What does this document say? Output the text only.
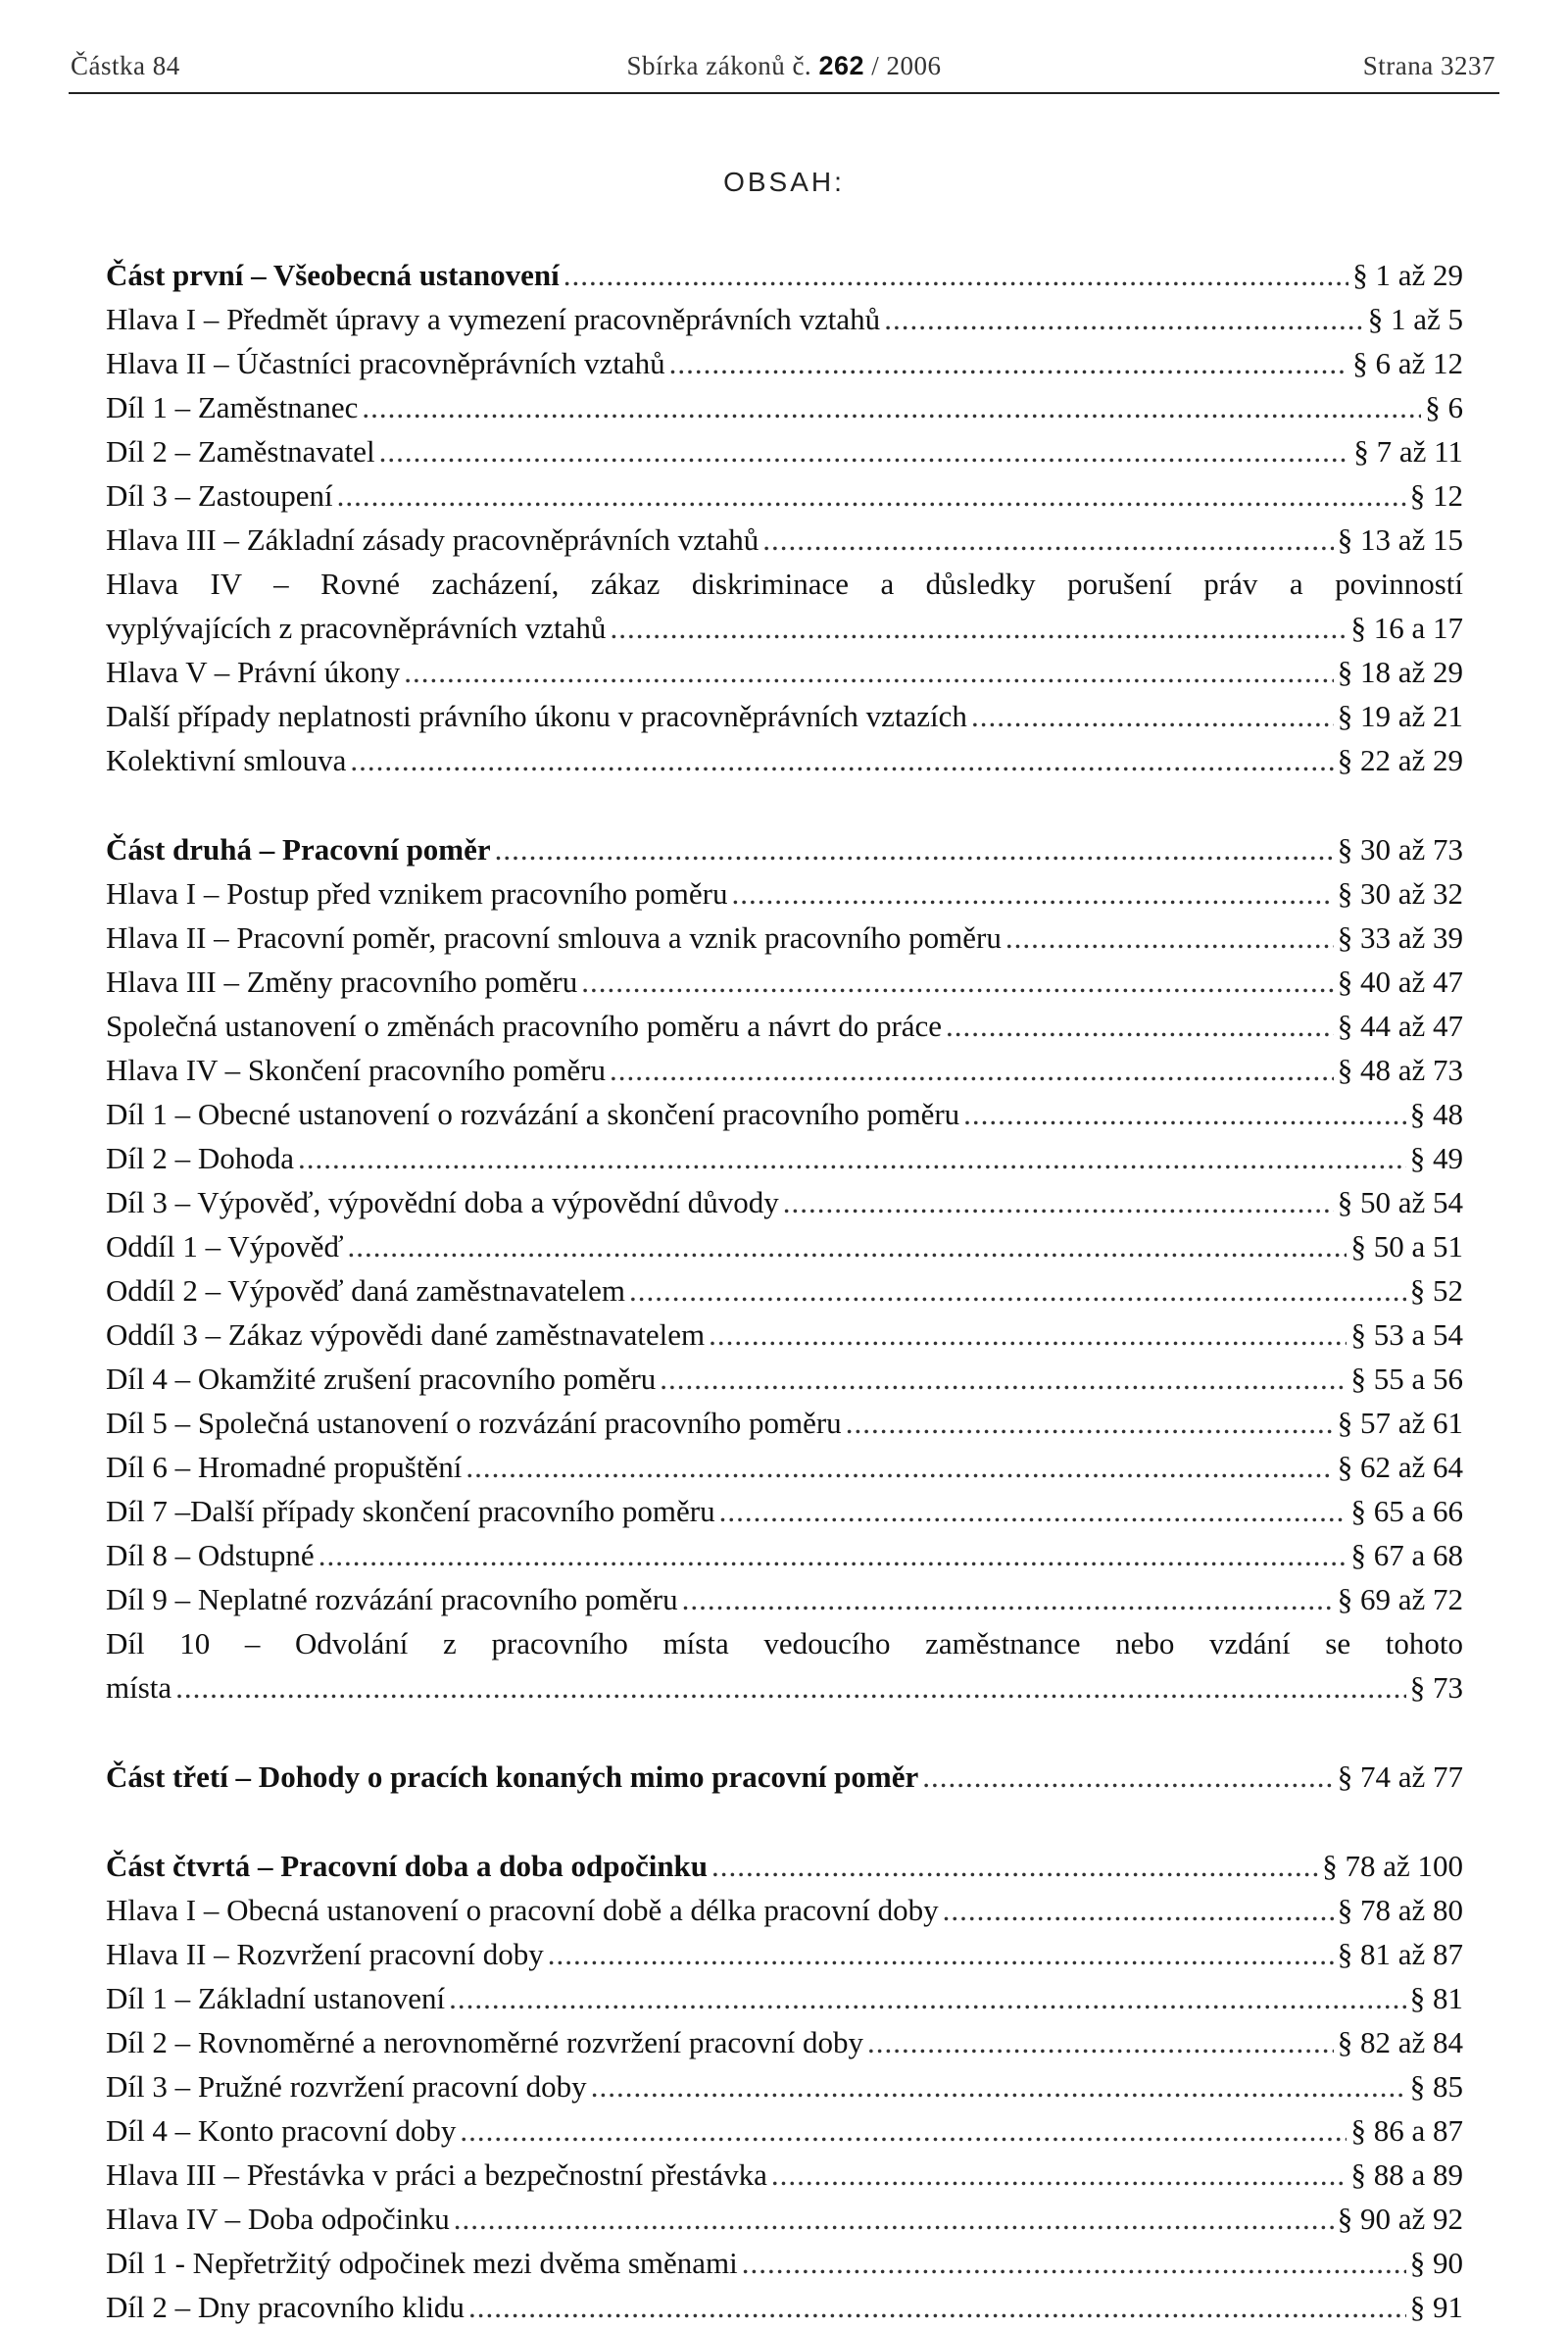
Částka 84	Sbírka zákonů č. 262 / 2006	Strana 3237
OBSAH:
Část první – Všeobecná ustanovení .....	§ 1 až 29
Hlava I – Předmět úpravy a vymezení pracovněprávních vztahů .....	§ 1 až 5
Hlava II – Účastníci pracovněprávních vztahů .....	§ 6 až 12
Díl 1 – Zaměstnanec .....	§ 6
Díl 2 – Zaměstnavatel .....	§ 7 až 11
Díl 3 – Zastoupení .....	§ 12
Hlava III – Základní zásady pracovněprávních vztahů .....	§ 13 až 15
Hlava IV – Rovné zacházení, zákaz diskriminace a důsledky porušení práv a povinností
vyplývajících z pracovněprávních vztahů .....	§ 16 a 17
Hlava V – Právní úkony .....	§ 18 až 29
Další případy neplatnosti právního úkonu v pracovněprávních vztazích .....	§ 19 až 21
Kolektivní smlouva .....	§ 22 až 29
Část druhá – Pracovní poměr .....	§ 30 až 73
Hlava I – Postup před vznikem pracovního poměru .....	§ 30 až 32
Hlava II – Pracovní poměr, pracovní smlouva a vznik pracovního poměru .....	§ 33 až 39
Hlava III – Změny pracovního poměru .....	§ 40 až 47
Společná ustanovení o změnách pracovního poměru a návrt do práce .....	§ 44 až 47
Hlava IV – Skončení pracovního poměru .....	§ 48 až 73
Díl 1 – Obecné ustanovení o rozvázání a skončení pracovního poměru .....	§ 48
Díl 2 – Dohoda .....	§ 49
Díl 3 – Výpověď, výpovědní doba a výpovědní důvody .....	§ 50 až 54
Oddíl 1 – Výpověď .....	§ 50 a 51
Oddíl 2 – Výpověď daná zaměstnavatelem .....	§ 52
Oddíl 3 – Zákaz výpovědi dané zaměstnavatelem .....	§ 53 a 54
Díl 4 – Okamžité zrušení pracovního poměru .....	§ 55 a 56
Díl 5 – Společná ustanovení o rozvázání pracovního poměru .....	§ 57 až 61
Díl 6 – Hromadné propuštění .....	§ 62 až 64
Díl 7 –Další případy skončení pracovního poměru .....	§ 65 a 66
Díl 8 – Odstupné .....	§ 67 a 68
Díl 9 – Neplatné rozvázání pracovního poměru .....	§ 69 až 72
Díl 10 – Odvolání z pracovního místa vedoucího zaměstnance nebo vzdání se tohoto
místa .....	§ 73
Část třetí – Dohody o pracích konaných mimo pracovní poměr .....	§ 74 až 77
Část čtvrtá – Pracovní doba a doba odpočinku .....	§ 78 až 100
Hlava I – Obecná ustanovení o pracovní době a délka pracovní doby .....	§ 78 až 80
Hlava II – Rozvržení pracovní doby .....	§ 81 až 87
Díl 1 – Základní ustanovení .....	§ 81
Díl 2 – Rovnoměrné a nerovnoměrné rozvržení pracovní doby .....	§ 82 až 84
Díl 3 – Pružné rozvržení pracovní doby .....	§ 85
Díl 4 – Konto pracovní doby .....	§ 86 a 87
Hlava III – Přestávka v práci a bezpečnostní přestávka .....	§ 88 a 89
Hlava IV – Doba odpočinku .....	§ 90 až 92
Díl 1 - Nepřetržitý odpočinek mezi dvěma směnami .....	§ 90
Díl 2 – Dny pracovního klidu .....	§ 91
